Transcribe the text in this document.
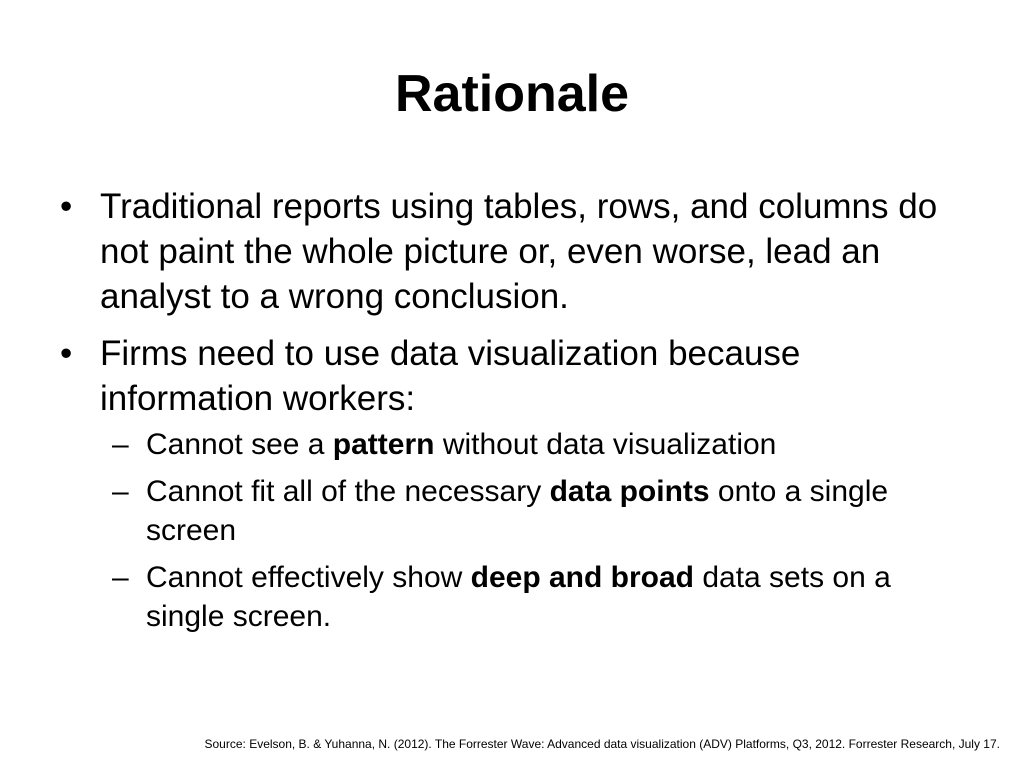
Rationale
• Traditional reports using tables, rows, and columns do not paint the whole picture or, even worse, lead an analyst to a wrong conclusion.
• Firms need to use data visualization because information workers:
– Cannot see a pattern without data visualization
– Cannot fit all of the necessary data points onto a single screen
– Cannot effectively show deep and broad data sets on a single screen.
Source: Evelson, B. & Yuhanna, N. (2012). The Forrester Wave: Advanced data visualization (ADV) Platforms, Q3, 2012. Forrester Research, July 17.
